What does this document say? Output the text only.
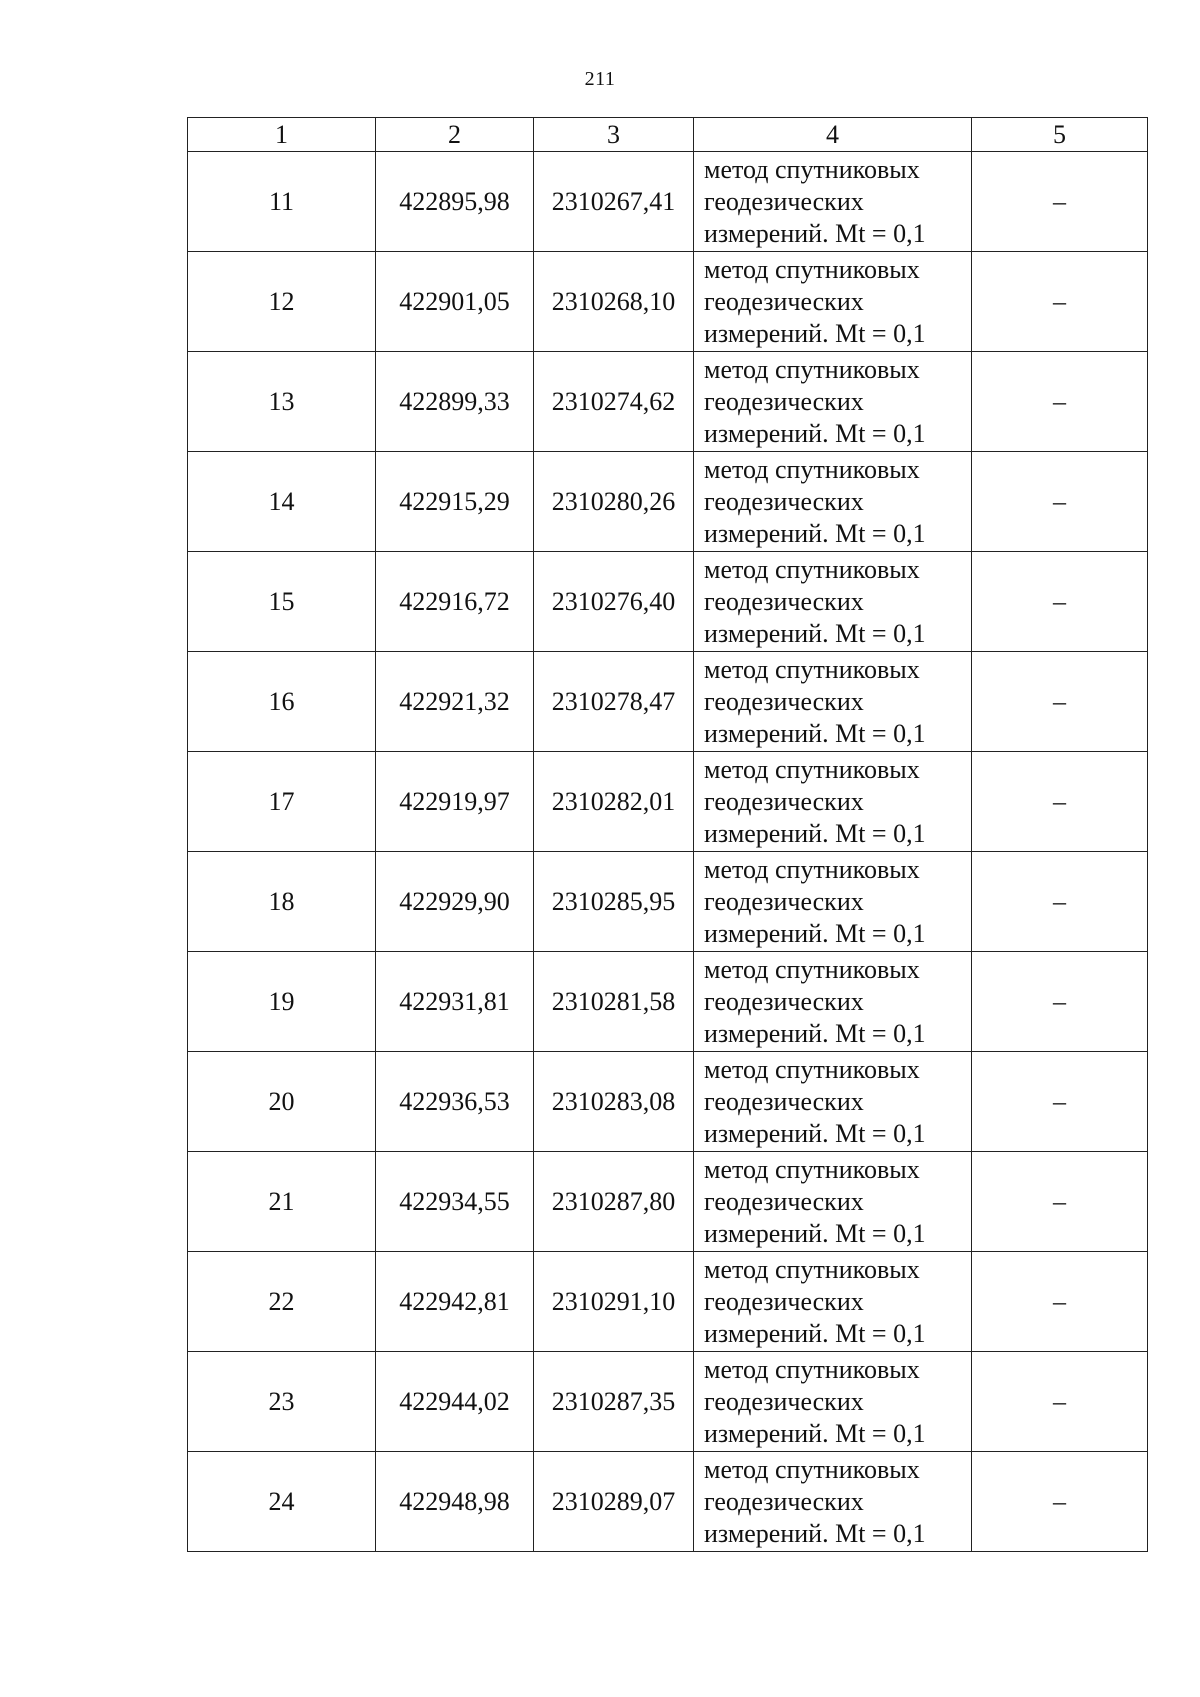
211
1	2	3	4	5
11	422895,98	2310267,41	метод спутниковых
геодезических
измерений. Mt = 0,1	–
12	422901,05	2310268,10	метод спутниковых
геодезических
измерений. Mt = 0,1	–
13	422899,33	2310274,62	метод спутниковых
геодезических
измерений. Mt = 0,1	–
14	422915,29	2310280,26	метод спутниковых
геодезических
измерений. Mt = 0,1	–
15	422916,72	2310276,40	метод спутниковых
геодезических
измерений. Mt = 0,1	–
16	422921,32	2310278,47	метод спутниковых
геодезических
измерений. Mt = 0,1	–
17	422919,97	2310282,01	метод спутниковых
геодезических
измерений. Mt = 0,1	–
18	422929,90	2310285,95	метод спутниковых
геодезических
измерений. Mt = 0,1	–
19	422931,81	2310281,58	метод спутниковых
геодезических
измерений. Mt = 0,1	–
20	422936,53	2310283,08	метод спутниковых
геодезических
измерений. Mt = 0,1	–
21	422934,55	2310287,80	метод спутниковых
геодезических
измерений. Mt = 0,1	–
22	422942,81	2310291,10	метод спутниковых
геодезических
измерений. Mt = 0,1	–
23	422944,02	2310287,35	метод спутниковых
геодезических
измерений. Mt = 0,1	–
24	422948,98	2310289,07	метод спутниковых
геодезических
измерений. Mt = 0,1	–
